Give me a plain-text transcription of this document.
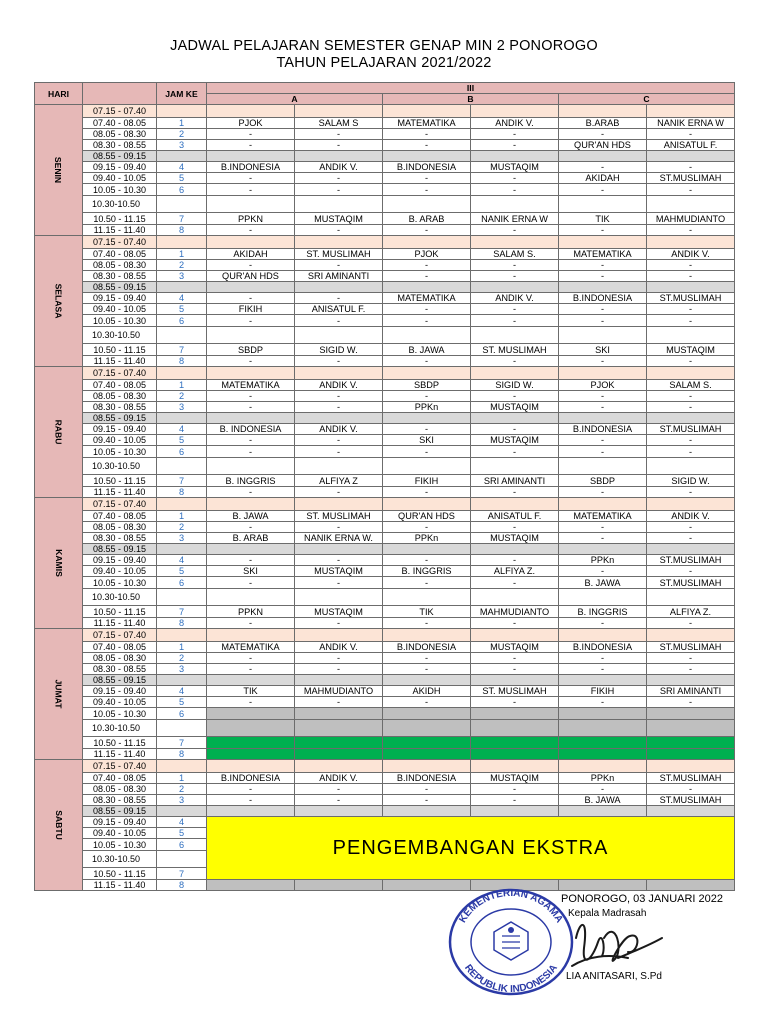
JADWAL PELAJARAN SEMESTER GENAP MIN 2 PONOROGO
TAHUN PELAJARAN 2021/2022
HARI		JAM KE	III					
			A		B		C	
SENIN	07.15 - 07.40							
	07.40 - 08.05	1	PJOK	SALAM S	MATEMATIKA	ANDIK V.	B.ARAB	NANIK ERNA W
	08.05 - 08.30	2	-	-	-	-	-	-
	08.30 - 08.55	3	-	-	-	-	QUR'AN HDS	ANISATUL F.
	08.55 - 09.15							
	09.15 - 09.40	4	B.INDONESIA	ANDIK V.	B.INDONESIA	MUSTAQIM	-	-
	09.40 - 10.05	5	-	-	-	-	AKIDAH	ST.MUSLIMAH
	10.05 - 10.30	6	-	-	-	-	-	-
	10.30-10.50							
	10.50 - 11.15	7	PPKN	MUSTAQIM	B. ARAB	NANIK ERNA W	TIK	MAHMUDIANTO
	11.15 - 11.40	8	-	-	-	-	-	-
SELASA	07.15 - 07.40							
	07.40 - 08.05	1	AKIDAH	ST. MUSLIMAH	PJOK	SALAM S.	MATEMATIKA	ANDIK V.
	08.05 - 08.30	2	-	-	-	-	-	-
	08.30 - 08.55	3	QUR'AN HDS	SRI AMINANTI	-	-	-	-
	08.55 - 09.15							
	09.15 - 09.40	4	-	-	MATEMATIKA	ANDIK V.	B.INDONESIA	ST.MUSLIMAH
	09.40 - 10.05	5	FIKIH	ANISATUL F.	-	-	-	-
	10.05 - 10.30	6	-	-	-	-	-	-
	10.30-10.50							
	10.50 - 11.15	7	SBDP	SIGID W.	B. JAWA	ST. MUSLIMAH	SKI	MUSTAQIM
	11.15 - 11.40	8	-	-	-	-	-	-
RABU	07.15 - 07.40							
	07.40 - 08.05	1	MATEMATIKA	ANDIK V.	SBDP	SIGID W.	PJOK	SALAM S.
	08.05 - 08.30	2	-	-	-	-	-	-
	08.30 - 08.55	3	-	-	PPKn	MUSTAQIM	-	-
	08.55 - 09.15							
	09.15 - 09.40	4	B. INDONESIA	ANDIK V.	-	-	B.INDONESIA	ST.MUSLIMAH
	09.40 - 10.05	5	-	-	SKI	MUSTAQIM	-	-
	10.05 - 10.30	6	-	-	-	-	-	-
	10.30-10.50							
	10.50 - 11.15	7	B. INGGRIS	ALFIYA Z	FIKIH	SRI AMINANTI	SBDP	SIGID W.
	11.15 - 11.40	8	-	-	-	-	-	-
KAMIS	07.15 - 07.40							
	07.40 - 08.05	1	B. JAWA	ST. MUSLIMAH	QUR'AN HDS	ANISATUL F.	MATEMATIKA	ANDIK V.
	08.05 - 08.30	2	-	-	-	-	-	-
	08.30 - 08.55	3	B. ARAB	NANIK ERNA W.	PPKn	MUSTAQIM	-	-
	08.55 - 09.15							
	09.15 - 09.40	4	-	-	-	-	PPKn	ST.MUSLIMAH
	09.40 - 10.05	5	SKI	MUSTAQIM	B. INGGRIS	ALFIYA Z.	-	-
	10.05 - 10.30	6	-	-	-	-	B. JAWA	ST.MUSLIMAH
	10.30-10.50							
	10.50 - 11.15	7	PPKN	MUSTAQIM	TIK	MAHMUDIANTO	B. INGGRIS	ALFIYA Z.
	11.15 - 11.40	8	-	-	-	-	-	-
JUMAT	07.15 - 07.40							
	07.40 - 08.05	1	MATEMATIKA	ANDIK V.	B.INDONESIA	MUSTAQIM	B.INDONESIA	ST.MUSLIMAH
	08.05 - 08.30	2	-	-	-	-	-	-
	08.30 - 08.55	3	-	-	-	-	-	-
	08.55 - 09.15							
	09.15 - 09.40	4	TIK	MAHMUDIANTO	AKIDH	ST. MUSLIMAH	FIKIH	SRI AMINANTI
	09.40 - 10.05	5	-	-	-	-	-	-
	10.05 - 10.30	6						
	10.30-10.50							
	10.50 - 11.15	7						
	11.15 - 11.40	8						
SABTU	07.15 - 07.40							
	07.40 - 08.05	1	B.INDONESIA	ANDIK V.	B.INDONESIA	MUSTAQIM	PPKn	ST.MUSLIMAH
	08.05 - 08.30	2	-	-	-	-	-	-
	08.30 - 08.55	3	-	-	-	-	B. JAWA	ST.MUSLIMAH
	08.55 - 09.15							
	09.15 - 09.40	4	PENGEMBANGAN EKSTRA					
	09.40 - 10.05	5						
	10.05 - 10.30	6						
	10.30-10.50							
	10.50 - 11.15	7						
	11.15 - 11.40	8						
KEMENTERIAN AGAMA
REPUBLIK INDONESIA
PONOROGO, 03 JANUARI 2022
Kepala Madrasah
LIA ANITASARI, S.Pd
